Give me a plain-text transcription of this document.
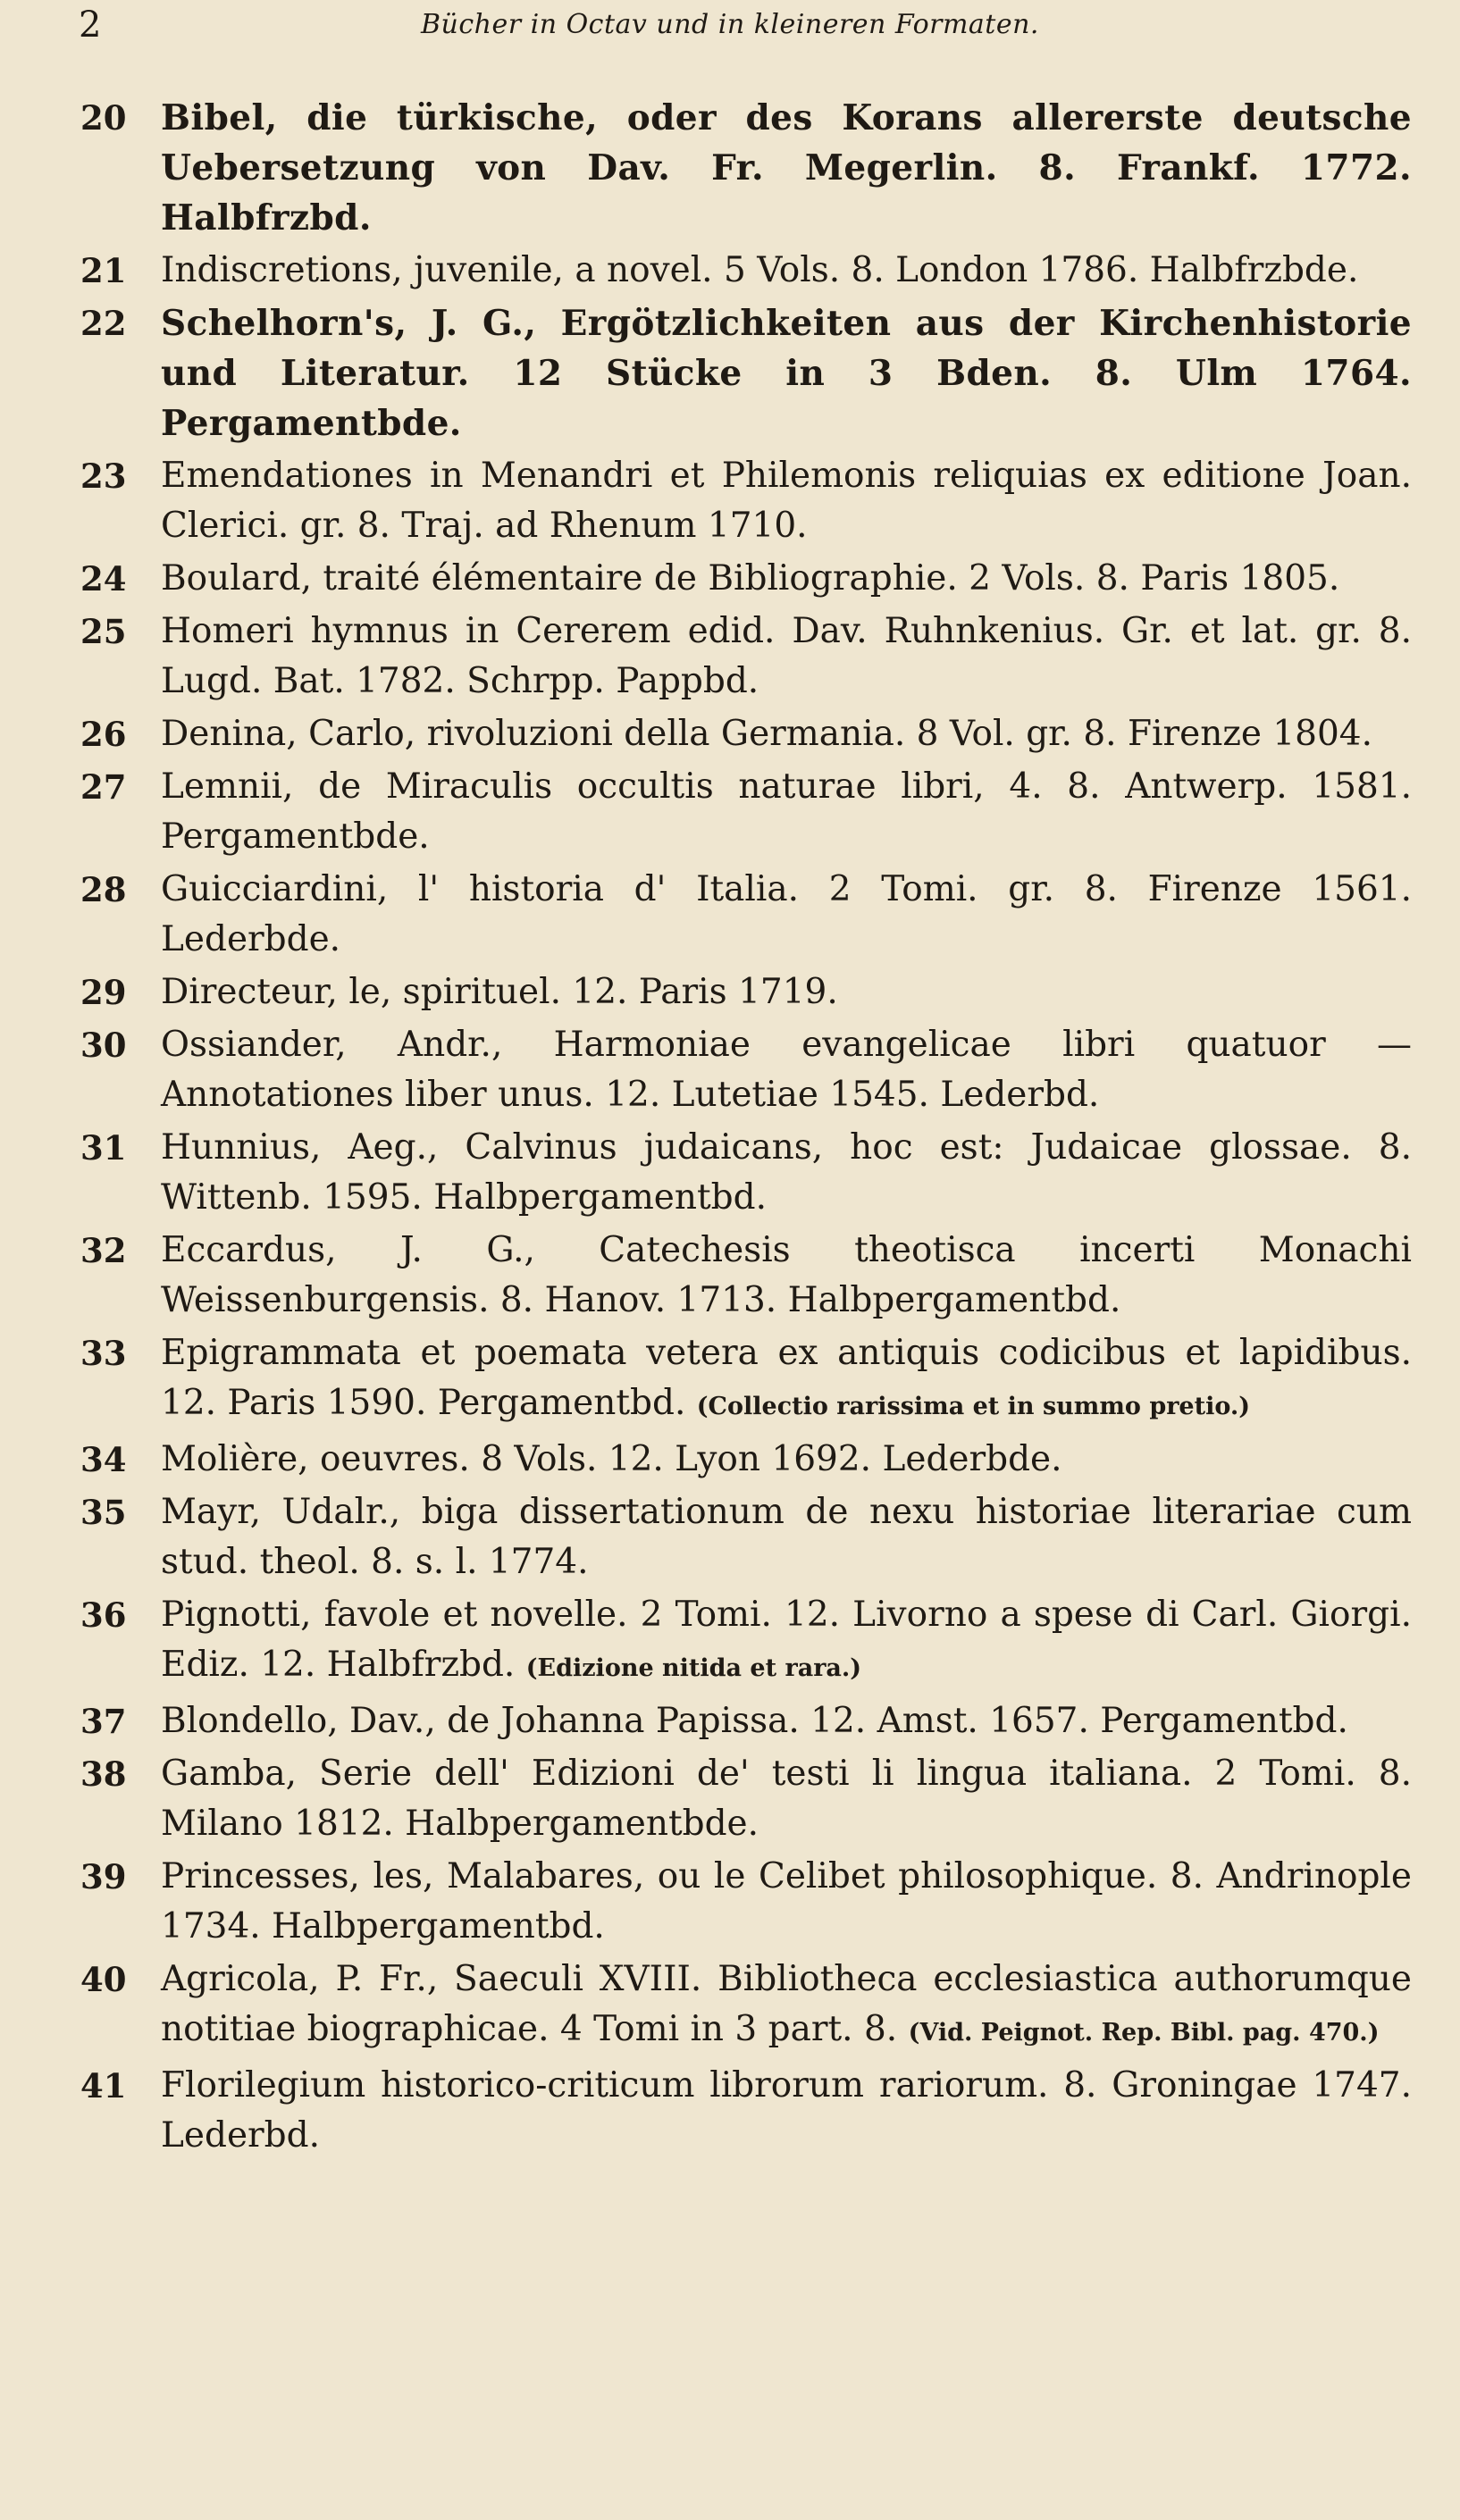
2	Bücher in Octav und in kleineren Formaten.
20 Bibel, die türkische, oder des Korans allererste deutsche Uebersetzung von Dav. Fr. Megerlin. 8. Frankf. 1772. Halbfrzbd.
21 Indiscretions, juvenile, a novel. 5 Vols. 8. London 1786. Halbfrzbde.
22 Schelhorn's, J. G., Ergötzlichkeiten aus der Kirchenhistorie und Literatur. 12 Stücke in 3 Bden. 8. Ulm 1764. Pergamentbde.
23 Emendationes in Menandri et Philemonis reliquias ex editione Joan. Clerici. gr. 8. Traj. ad Rhenum 1710.
24 Boulard, traité élémentaire de Bibliographie. 2 Vols. 8. Paris 1805.
25 Homeri hymnus in Cererem edid. Dav. Ruhnkenius. Gr. et lat. gr. 8. Lugd. Bat. 1782. Schrpp. Pappbd.
26 Denina, Carlo, rivoluzioni della Germania. 8 Vol. gr. 8. Firenze 1804.
27 Lemnii, de Miraculis occultis naturae libri, 4. 8. Antwerp. 1581. Pergamentbde.
28 Guicciardini, l' historia d' Italia. 2 Tomi. gr. 8. Firenze 1561. Lederbde.
29 Directeur, le, spirituel. 12. Paris 1719.
30 Ossiander, Andr., Harmoniae evangelicae libri quatuor — Annotationes liber unus. 12. Lutetiae 1545. Lederbd.
31 Hunnius, Aeg., Calvinus judaicans, hoc est: Judaicae glossae. 8. Wittenb. 1595. Halbpergamentbd.
32 Eccardus, J. G., Catechesis theotisca incerti Monachi Weissenburgensis. 8. Hanov. 1713. Halbpergamentbd.
33 Epigrammata et poemata vetera ex antiquis codicibus et lapidibus. 12. Paris 1590. Pergamentbd. (Collectio rarissima et in summo pretio.)
34 Molière, oeuvres. 8 Vols. 12. Lyon 1692. Lederbde.
35 Mayr, Udalr., biga dissertationum de nexu historiae literariae cum stud. theol. 8. s. l. 1774.
36 Pignotti, favole et novelle. 2 Tomi. 12. Livorno a spese di Carl. Giorgi. Ediz. 12. Halbfrzbd. (Edizione nitida et rara.)
37 Blondello, Dav., de Johanna Papissa. 12. Amst. 1657. Pergamentbd.
38 Gamba, Serie dell' Edizioni de' testi li lingua italiana. 2 Tomi. 8. Milano 1812. Halbpergamentbde.
39 Princesses, les, Malabares, ou le Celibet philosophique. 8. Andrinople 1734. Halbpergamentbd.
40 Agricola, P. Fr., Saeculi XVIII. Bibliotheca ecclesiastica authorumque notitiae biographicae. 4 Tomi in 3 part. 8. (Vid. Peignot. Rep. Bibl. pag. 470.)
41 Florilegium historico-criticum librorum rariorum. 8. Groningae 1747. Lederbd.
